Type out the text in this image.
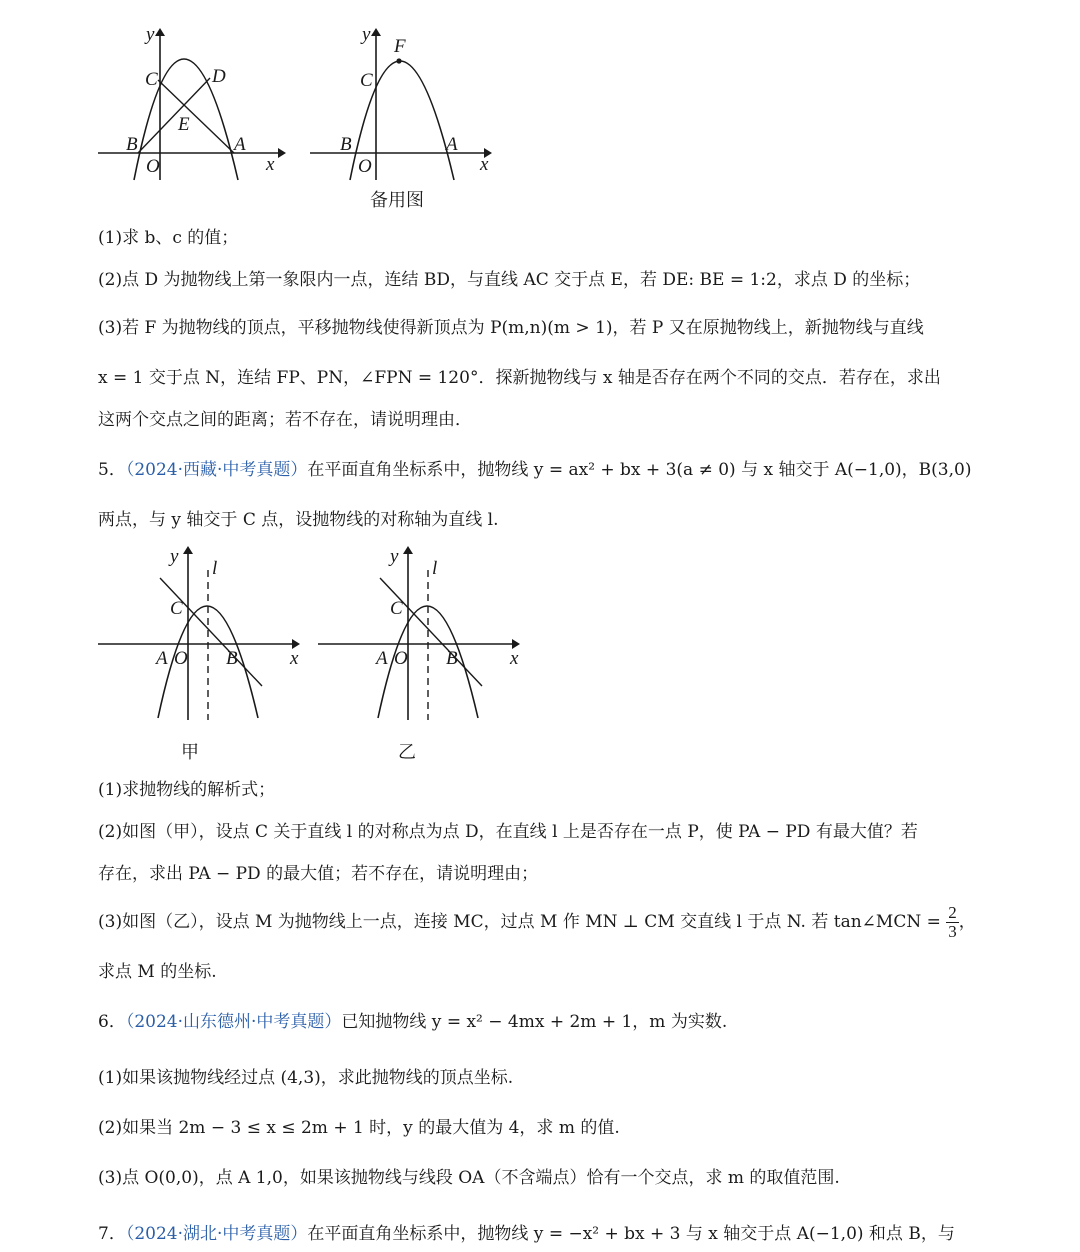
y
x
O
A
B
C	D
E
y
x
O
A
B
C
F
备用图
(1)求 b、c 的值；
(2)点 D 为抛物线上第一象限内一点，连结 BD，与直线 AC 交于点 E，若 DE: BE = 1:2，求点 D 的坐标；
(3)若 F 为抛物线的顶点，平移抛物线使得新顶点为 P(m,n)(m > 1)，若 P 又在原抛物线上，新抛物线与直线
x = 1 交于点 N，连结 FP、PN，∠FPN = 120°．探新抛物线与 x 轴是否存在两个不同的交点．若存在，求出
这两个交点之间的距离；若不存在，请说明理由．
5．（2024·西藏·中考真题）在平面直角坐标系中，抛物线 y = ax² + bx + 3(a ≠ 0) 与 x 轴交于 A(−1,0)，B(3,0)
两点，与 y 轴交于 C 点，设抛物线的对称轴为直线 l.
y
x
O
A	B
C
l
甲
y
x
O
A	B
C
l
乙
(1)求抛物线的解析式；
(2)如图（甲），设点 C 关于直线 l 的对称点为点 D，在直线 l 上是否存在一点 P，使 PA − PD 有最大值？若
存在，求出 PA − PD 的最大值；若不存在，请说明理由；
(3)如图（乙），设点 M 为抛物线上一点，连接 MC，过点 M 作 MN ⊥ CM 交直线 l 于点 N. 若 tan∠MCN = $\frac{2}{3}$ ，
求点 M 的坐标.
6．（2024·山东德州·中考真题）已知抛物线 y = x² − 4mx + 2m + 1，m 为实数.
(1)如果该抛物线经过点 (4,3)，求此抛物线的顶点坐标.
(2)如果当 2m − 3 ≤ x ≤ 2m + 1 时，y 的最大值为 4，求 m 的值.
(3)点 O(0,0)，点 A 1,0，如果该抛物线与线段 OA（不含端点）恰有一个交点，求 m 的取值范围.
7．（2024·湖北·中考真题）在平面直角坐标系中，抛物线 y = −x² + bx + 3 与 x 轴交于点 A(−1,0) 和点 B，与
